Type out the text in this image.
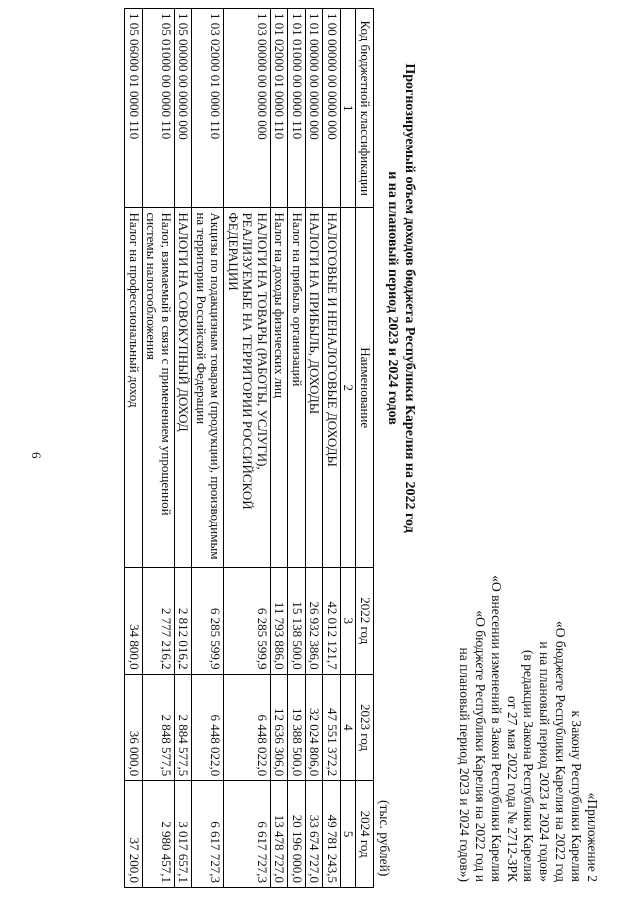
6
«Приложение 2
к Закону Республики Карелия
«О бюджете Республики Карелия на 2022 год
и на плановый период 2023 и 2024 годов»
(в редакции Закона Республики Карелия
от 27 мая 2022 года № 2712-ЗРК
«О внесении изменений в Закон Республики Карелия
«О бюджете Республики Карелия на 2022 год и
на плановый период 2023 и 2024 годов»)
Прогнозируемый объем доходов бюджета Республики Карелия на 2022 год
и на плановый период 2023 и 2024 годов
(тыс. рублей)
Код бюджетной классификации	Наименование	2022 год	2023 год	2024 год
1	2	3	4	5
1 00 00000 00 0000 000	НАЛОГОВЫЕ И НЕНАЛОГОВЫЕ ДОХОДЫ	42 012 121,7	47 551 372,2	49 781 243,5
1 01 00000 00 0000 000	НАЛОГИ НА ПРИБЫЛЬ, ДОХОДЫ	26 932 386,0	32 024 806,0	33 674 727,0
1 01 01000 00 0000 110	Налог на прибыль организаций	15 138 500,0	19 388 500,0	20 196 000,0
1 01 02000 01 0000 110	Налог на доходы физических лиц	11 793 886,0	12 636 306,0	13 478 727,0
1 03 00000 00 0000 000	НАЛОГИ НА ТОВАРЫ (РАБОТЫ, УСЛУГИ), РЕАЛИЗУЕМЫЕ НА ТЕРРИТОРИИ РОССИЙСКОЙ ФЕДЕРАЦИИ	6 285 599,9	6 448 022,0	6 617 727,3
1 03 02000 01 0000 110	Акцизы по подакцизным товарам (продукции), производимым на территории Российской Федерации	6 285 599,9	6 448 022,0	6 617 727,3
1 05 00000 00 0000 000	НАЛОГИ НА СОВОКУПНЫЙ ДОХОД	2 812 016,2	2 884 577,5	3 017 657,1
1 05 01000 00 0000 110	Налог, взимаемый в связи с применением упрощенной системы налогообложения	2 777 216,2	2 848 577,5	2 980 457,1
1 05 06000 01 0000 110	Налог на профессиональный доход	34 800,0	36 000,0	37 200,0
